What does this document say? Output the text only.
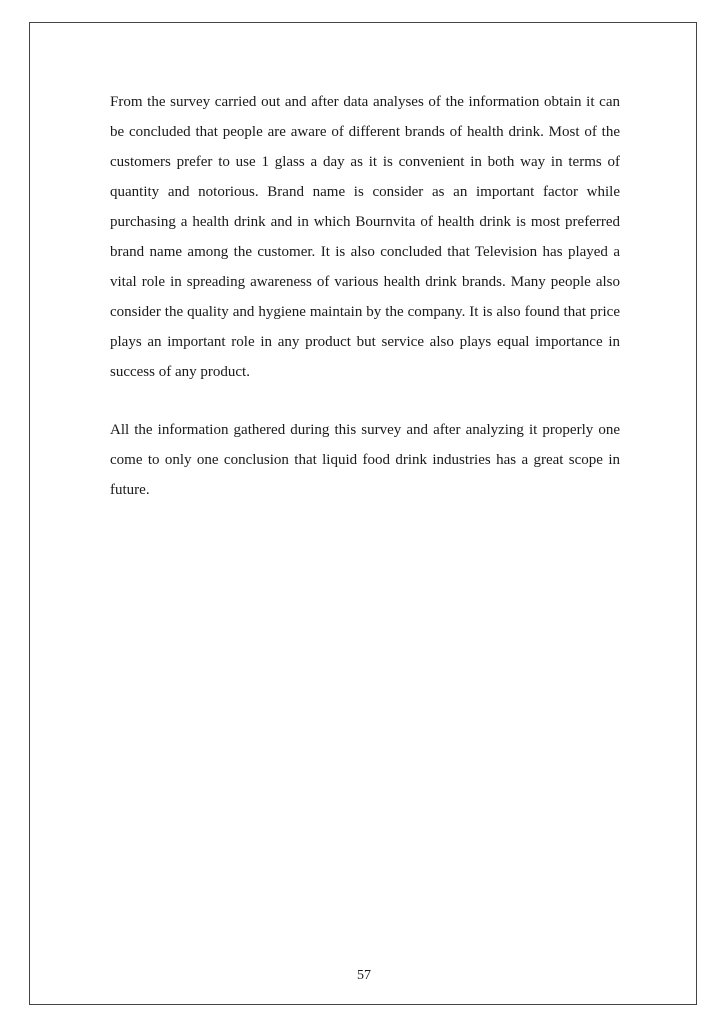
From the survey carried out and after data analyses of the information obtain it can be concluded that people are aware of different brands of health drink. Most of the customers prefer to use 1 glass a day as it is convenient in both way in terms of quantity and notorious. Brand name is consider as an important factor while purchasing a health drink and in which Bournvita of health drink is most preferred brand name among the customer. It is also concluded that Television has played a vital role in spreading awareness of various health drink brands. Many people also consider the quality and hygiene maintain by the company. It is also found that price plays an important role in any product but service also plays equal importance in success of any product.

All the information gathered during this survey and after analyzing it properly one come to only one conclusion that liquid food drink industries has a great scope in future.

57
